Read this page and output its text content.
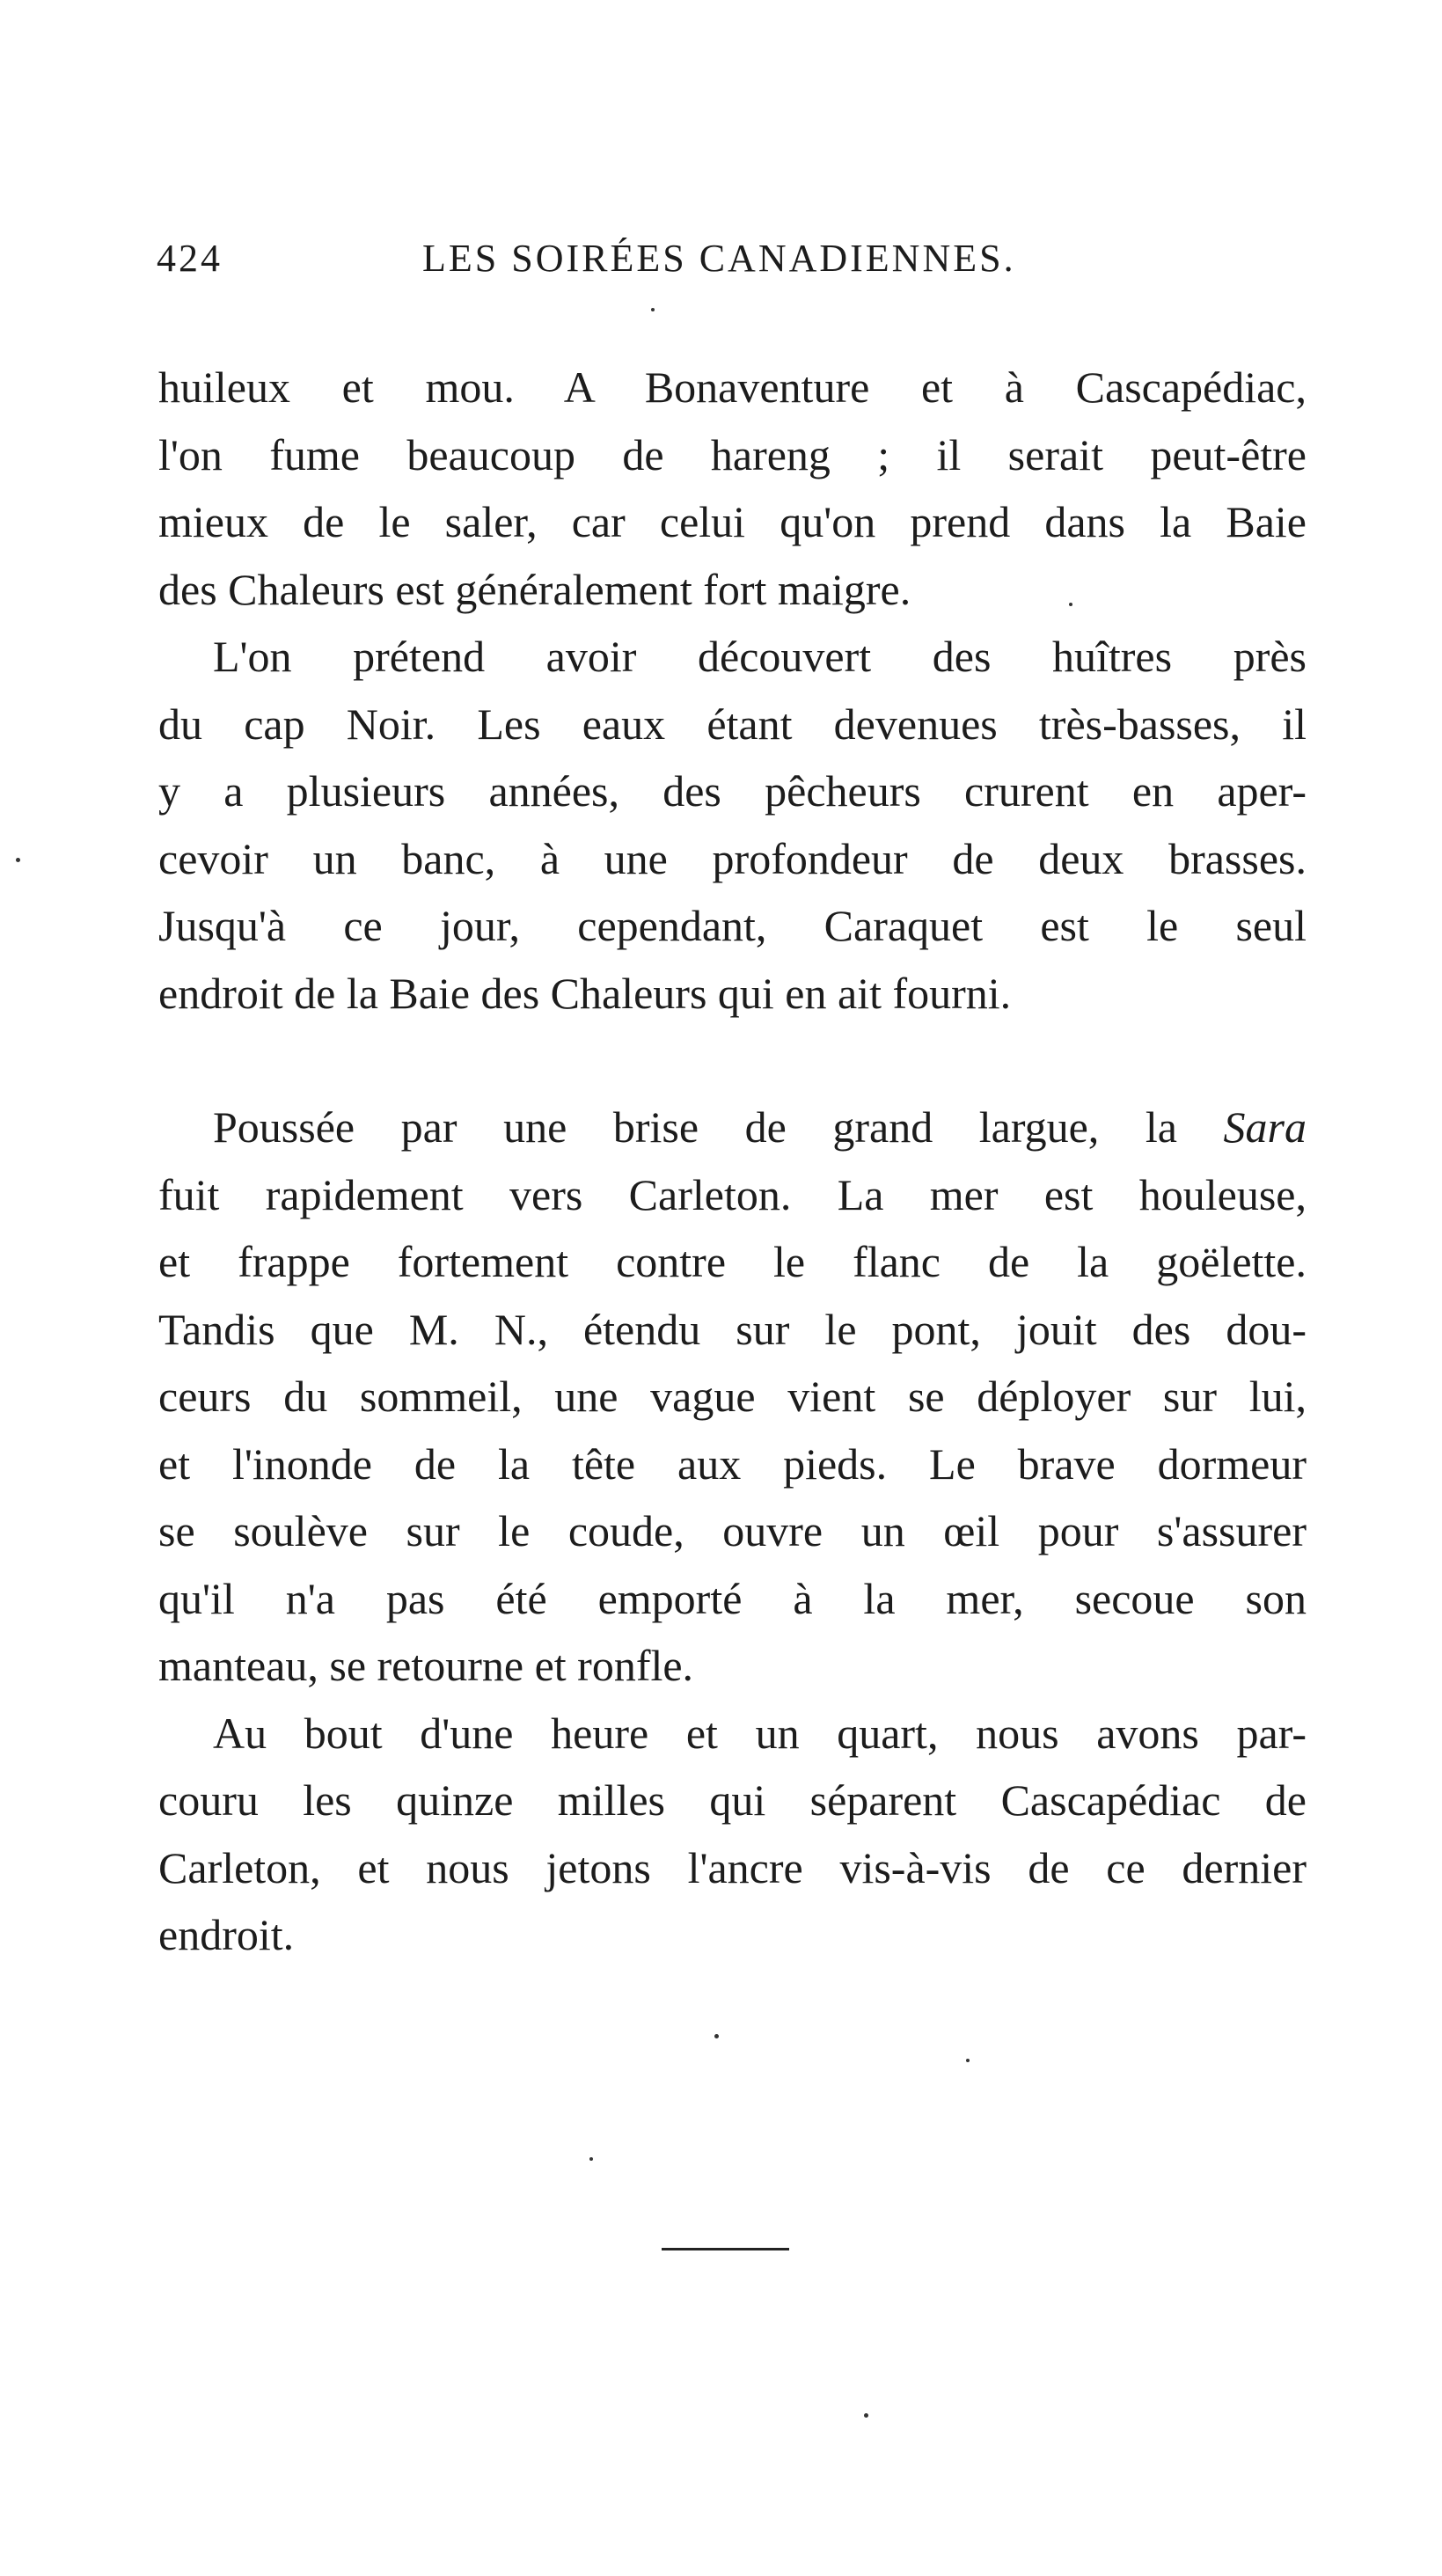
424	LES SOIRÉES CANADIENNES.

huileux et mou. A Bonaventure et à Cascapédiac,
l'on fume beaucoup de hareng ; il serait peut-être
mieux de le saler, car celui qu'on prend dans la Baie
des Chaleurs est généralement fort maigre.

L'on prétend avoir découvert des huîtres près
du cap Noir. Les eaux étant devenues très-basses, il
y a plusieurs années, des pêcheurs crurent en aper-
cevoir un banc, à une profondeur de deux brasses.
Jusqu'à ce jour, cependant, Caraquet est le seul
endroit de la Baie des Chaleurs qui en ait fourni.

Poussée par une brise de grand largue, la Sara
fuit rapidement vers Carleton. La mer est houleuse,
et frappe fortement contre le flanc de la goëlette.
Tandis que M. N., étendu sur le pont, jouit des dou-
ceurs du sommeil, une vague vient se déployer sur lui,
et l'inonde de la tête aux pieds. Le brave dormeur
se soulève sur le coude, ouvre un œil pour s'assurer
qu'il n'a pas été emporté à la mer, secoue son
manteau, se retourne et ronfle.

Au bout d'une heure et un quart, nous avons par-
couru les quinze milles qui séparent Cascapédiac de
Carleton, et nous jetons l'ancre vis-à-vis de ce dernier
endroit.
